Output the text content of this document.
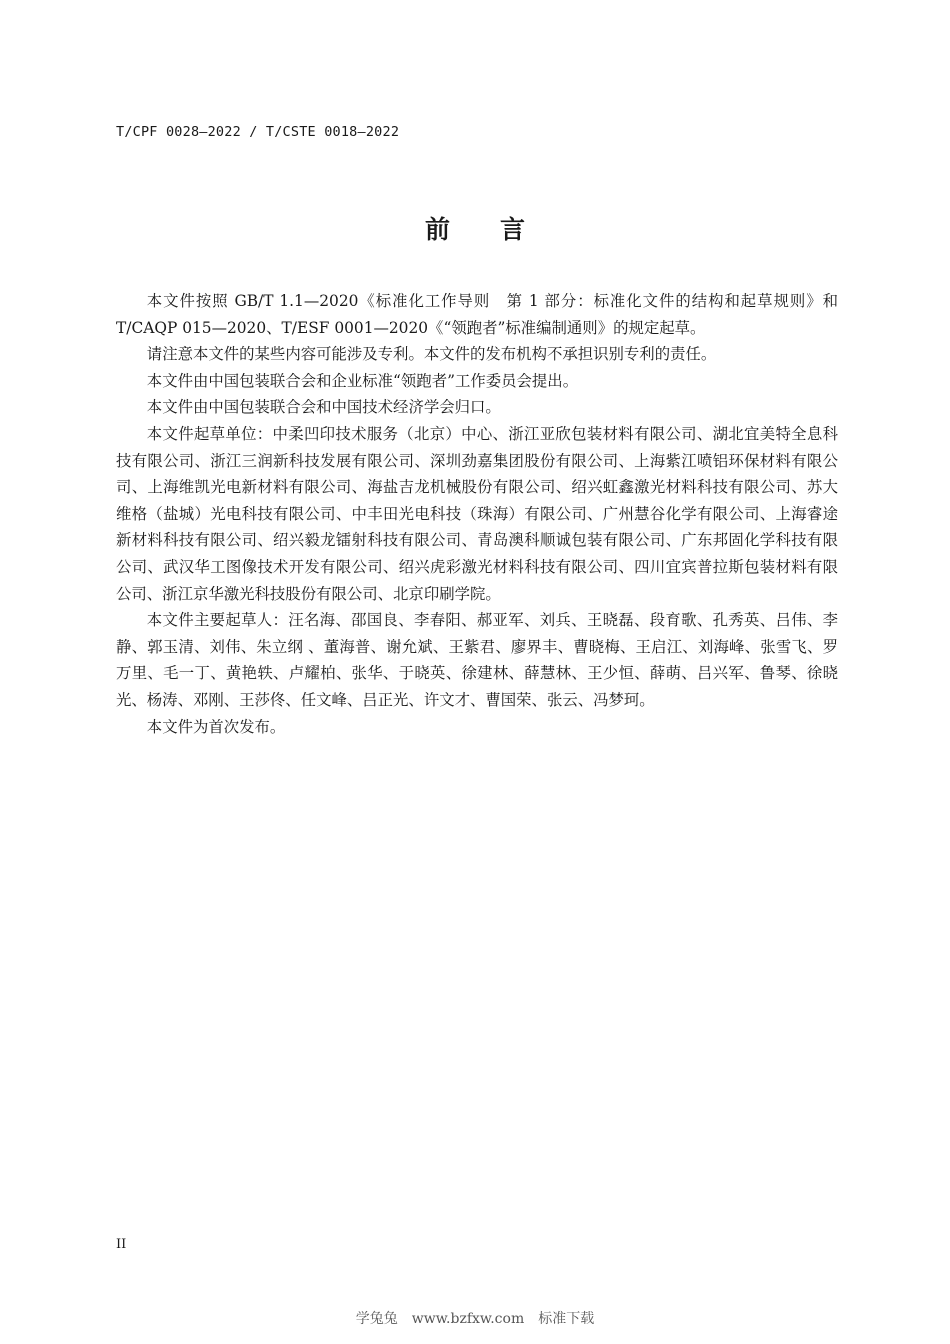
T/CPF 0028—2022 / T/CSTE 0018—2022
前言

本文件按照 GB/T 1.1—2020《标准化工作导则　第 1 部分：标准化文件的结构和起草规则》和 T/CAQP 015—2020、T/ESF 0001—2020《“领跑者”标准编制通则》的规定起草。

请注意本文件的某些内容可能涉及专利。本文件的发布机构不承担识别专利的责任。

本文件由中国包装联合会和企业标准“领跑者”工作委员会提出。

本文件由中国包装联合会和中国技术经济学会归口。

本文件起草单位：中柔凹印技术服务（北京）中心、浙江亚欣包装材料有限公司、湖北宜美特全息科技有限公司、浙江三润新科技发展有限公司、深圳劲嘉集团股份有限公司、上海紫江喷铝环保材料有限公司、上海维凯光电新材料有限公司、海盐吉龙机械股份有限公司、绍兴虹鑫激光材料科技有限公司、苏大维格（盐城）光电科技有限公司、中丰田光电科技（珠海）有限公司、广州慧谷化学有限公司、上海睿途新材料科技有限公司、绍兴毅龙镭射科技有限公司、青岛澳科顺诚包装有限公司、广东邦固化学科技有限公司、武汉华工图像技术开发有限公司、绍兴虎彩激光材料科技有限公司、四川宜宾普拉斯包装材料有限公司、浙江京华激光科技股份有限公司、北京印刷学院。

本文件主要起草人：汪名海、邵国良、李春阳、郝亚军、刘兵、王晓磊、段育歌、孔秀英、吕伟、李静、郭玉清、刘伟、朱立纲 、董海普、谢允斌、王紫君、廖界丰、曹晓梅、王启江、刘海峰、张雪飞、罗万里、毛一丁、黄艳轶、卢耀柏、张华、于晓英、徐建林、薛慧林、王少恒、薛萌、吕兴军、鲁琴、徐晓光、杨涛、邓刚、王莎佟、任文峰、吕正光、许文才、曹国荣、张云、冯梦珂。

本文件为首次发布。

II
学兔兔　www.bzfxw.com　标准下载
